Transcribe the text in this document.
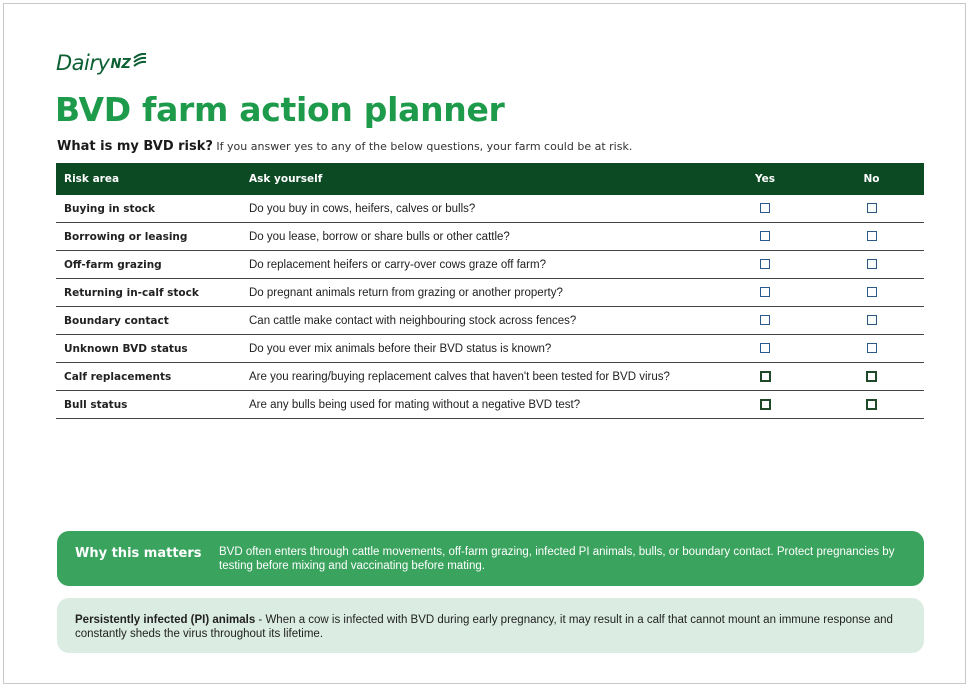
Dairy NZ
BVD farm action planner
What is my BVD risk? If you answer yes to any of the below questions, your farm could be at risk.
Risk area	Ask yourself	Yes	No
Buying in stock	Do you buy in cows, heifers, calves or bulls?		
Borrowing or leasing	Do you lease, borrow or share bulls or other cattle?		
Off-farm grazing	Do replacement heifers or carry-over cows graze off farm?		
Returning in-calf stock	Do pregnant animals return from grazing or another property?		
Boundary contact	Can cattle make contact with neighbouring stock across fences?		
Unknown BVD status	Do you ever mix animals before their BVD status is known?		
Calf replacements	Are you rearing/buying replacement calves that haven't been tested for BVD virus?		
Bull status	Are any bulls being used for mating without a negative BVD test?		
Why this matters BVD often enters through cattle movements, off-farm grazing, infected PI animals, bulls, or boundary contact. Protect pregnancies by testing before mixing and vaccinating before mating.
Persistently infected (PI) animals - When a cow is infected with BVD during early pregnancy, it may result in a calf that cannot mount an immune response and constantly sheds the virus throughout its lifetime.
